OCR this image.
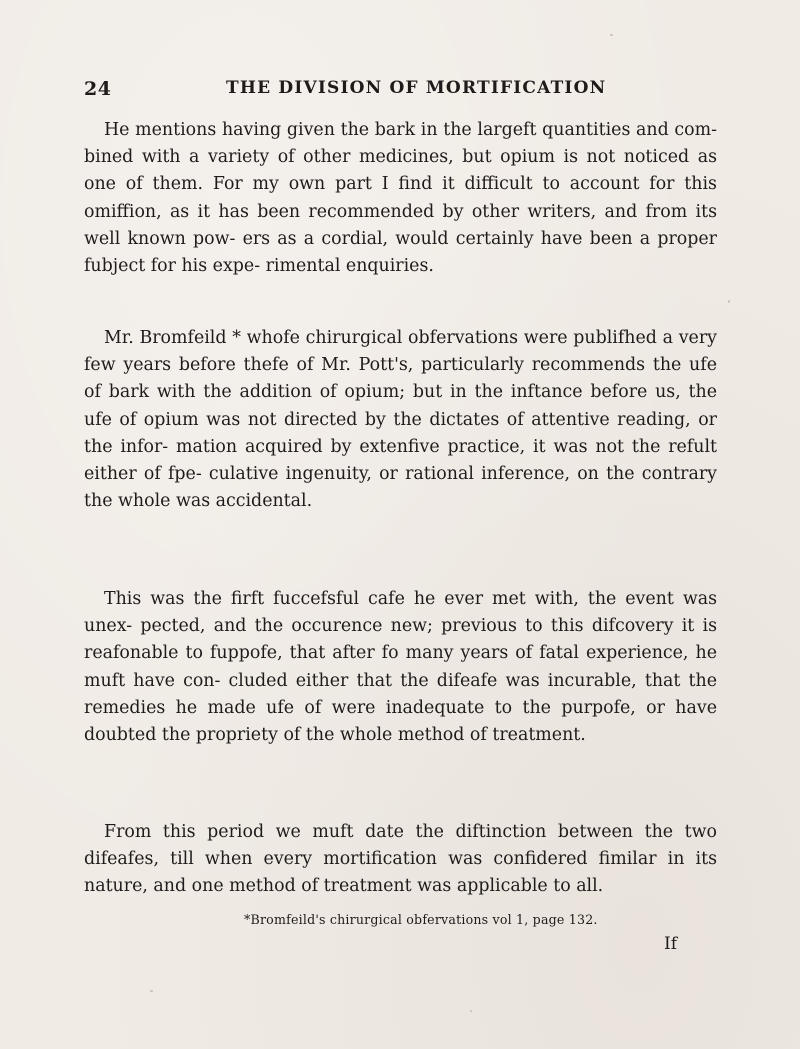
24	THE DIVISION OF MORTIFICATION

He mentions having given the bark in the largeft quantities and com- bined with a variety of other medicines, but opium is not noticed as one of them. For my own part I find it difficult to account for this omiffion, as it has been recommended by other writers, and from its well known pow- ers as a cordial, would certainly have been a proper fubject for his expe- rimental enquiries.

Mr. Bromfeild * whofe chirurgical obfervations were publifhed a very few years before thefe of Mr. Pott's, particularly recommends the ufe of bark with the addition of opium; but in the inftance before us, the ufe of opium was not directed by the dictates of attentive reading, or the infor- mation acquired by extenfive practice, it was not the refult either of fpe- culative ingenuity, or rational inference, on the contrary the whole was accidental.

This was the firft fuccefsful cafe he ever met with, the event was unex- pected, and the occurence new; previous to this difcovery it is reafonable to fuppofe, that after fo many years of fatal experience, he muft have con- cluded either that the difeafe was incurable, that the remedies he made ufe of were inadequate to the purpofe, or have doubted the propriety of the whole method of treatment.

From this period we muft date the diftinction between the two difeafes, till when every mortification was confidered fimilar in its nature, and one method of treatment was applicable to all.

*Bromfeild's chirurgical obfervations vol 1, page 132.
If
